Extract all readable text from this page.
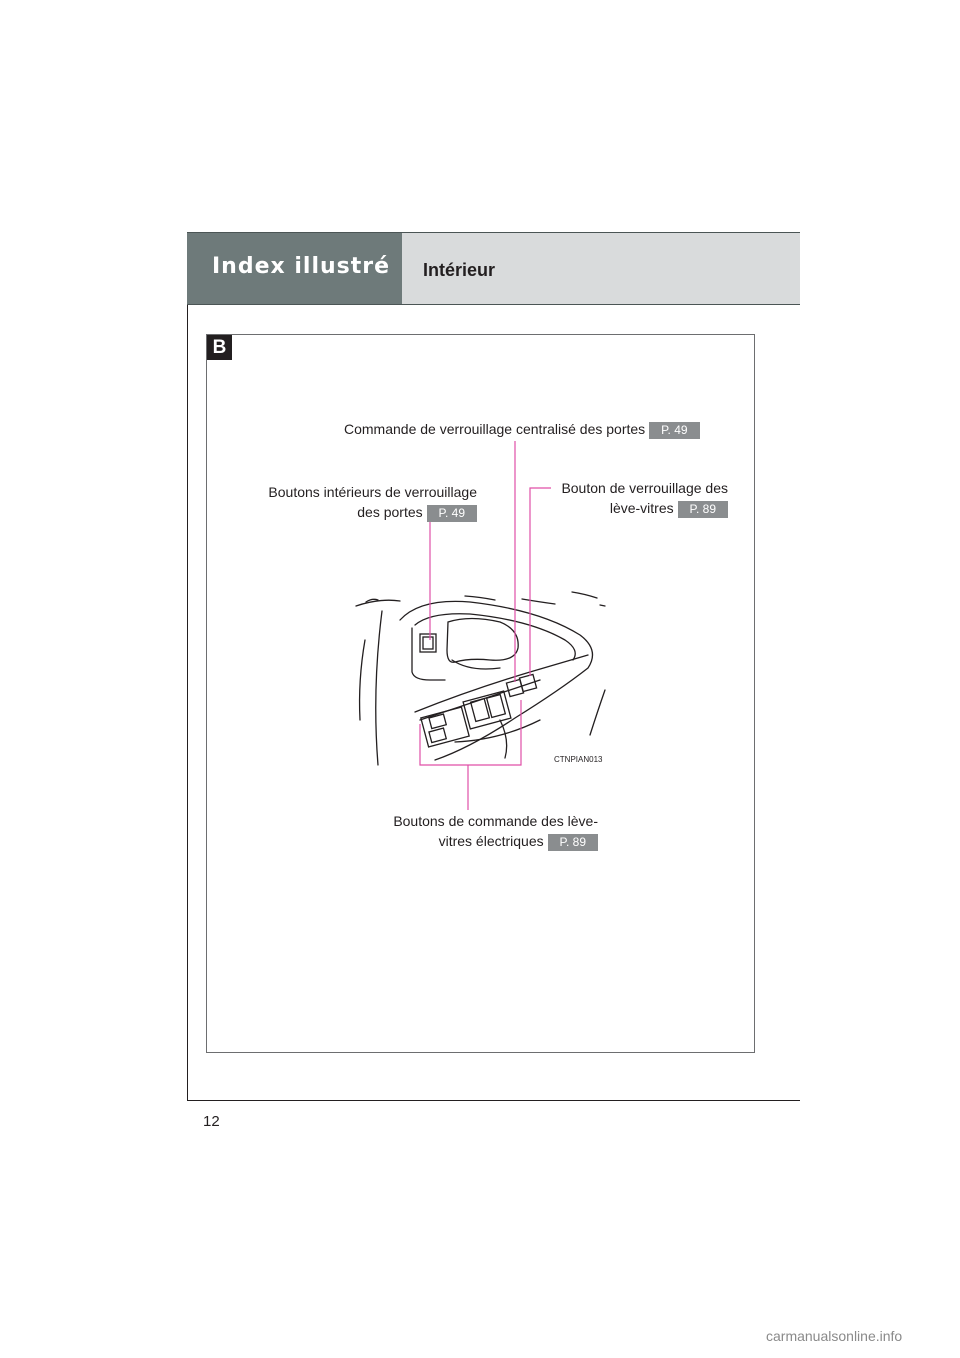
Index illustré Intérieur
B
CTNPIAN013
Commande de verrouillage centralisé des portes P. 49
Boutons intérieurs de verrouillage
des portes P. 49
Bouton de verrouillage des
lève-vitres P. 89
Boutons de commande des lève-
vitres électriques P. 89
12
carmanualsonline.info
